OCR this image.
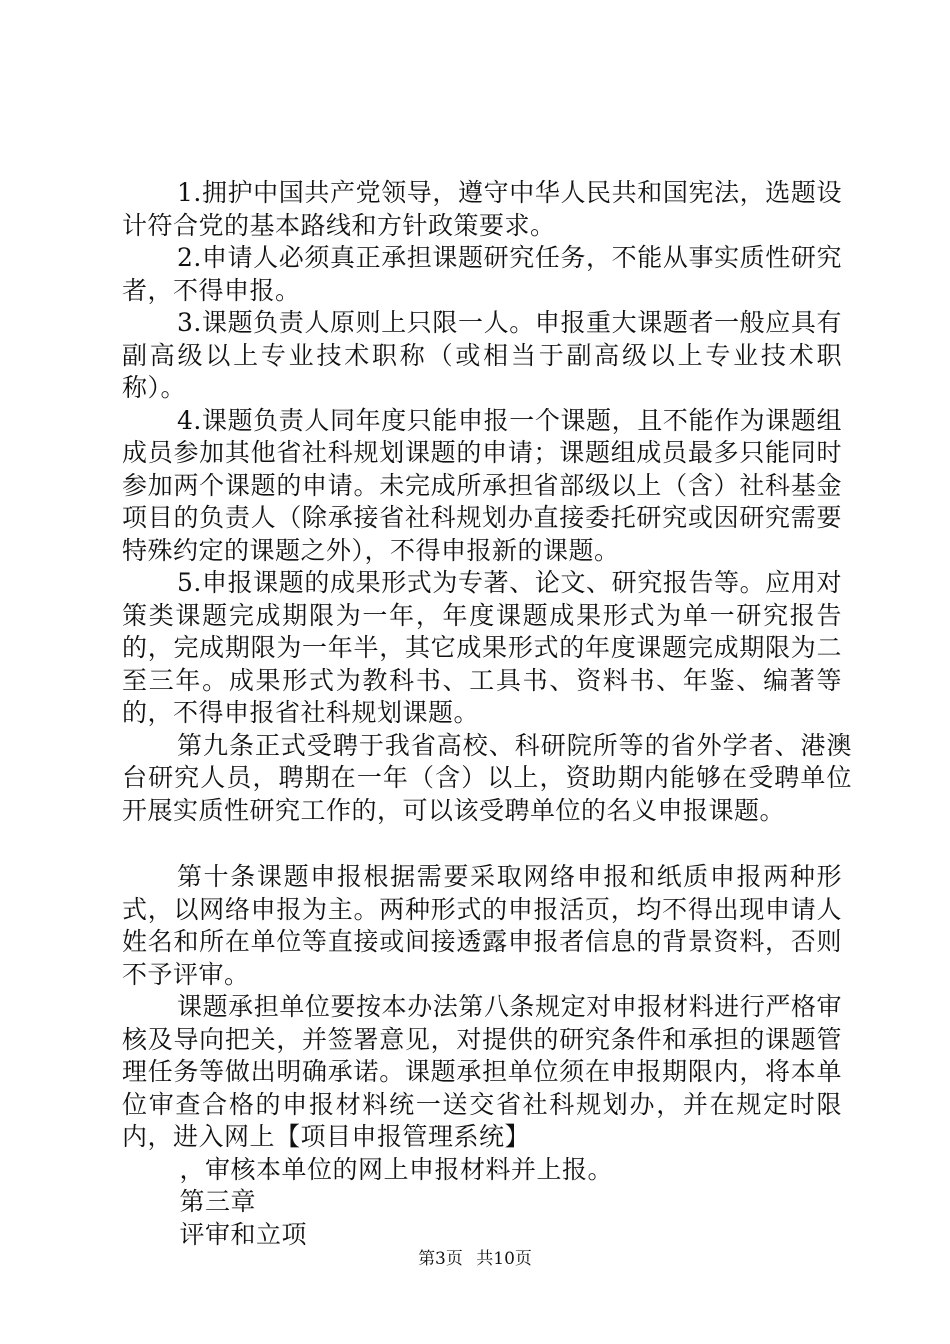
1.拥护中国共产党领导，遵守中华人民共和国宪法，选题设计符合党的基本路线和方针政策要求。

2.申请人必须真正承担课题研究任务，不能从事实质性研究者，不得申报。

3.课题负责人原则上只限一人。申报重大课题者一般应具有副高级以上专业技术职称（或相当于副高级以上专业技术职称）。

4.课题负责人同年度只能申报一个课题，且不能作为课题组成员参加其他省社科规划课题的申请；课题组成员最多只能同时参加两个课题的申请。未完成所承担省部级以上（含）社科基金项目的负责人（除承接省社科规划办直接委托研究或因研究需要特殊约定的课题之外），不得申报新的课题。

5.申报课题的成果形式为专著、论文、研究报告等。应用对策类课题完成期限为一年，年度课题成果形式为单一研究报告的，完成期限为一年半，其它成果形式的年度课题完成期限为二至三年。成果形式为教科书、工具书、资料书、年鉴、编著等的，不得申报省社科规划课题。

第九条正式受聘于我省高校、科研院所等的省外学者、港澳台研究人员，聘期在一年（含）以上，资助期内能够在受聘单位开展实质性研究工作的，可以该受聘单位的名义申报课题。

第十条课题申报根据需要采取网络申报和纸质申报两种形式，以网络申报为主。两种形式的申报活页，均不得出现申请人姓名和所在单位等直接或间接透露申报者信息的背景资料，否则不予评审。

课题承担单位要按本办法第八条规定对申报材料进行严格审核及导向把关，并签署意见，对提供的研究条件和承担的课题管理任务等做出明确承诺。课题承担单位须在申报期限内，将本单位审查合格的申报材料统一送交省社科规划办，并在规定时限内，进入网上【项目申报管理系统】

，审核本单位的网上申报材料并上报。

第三章

评审和立项

第3页 共10页
